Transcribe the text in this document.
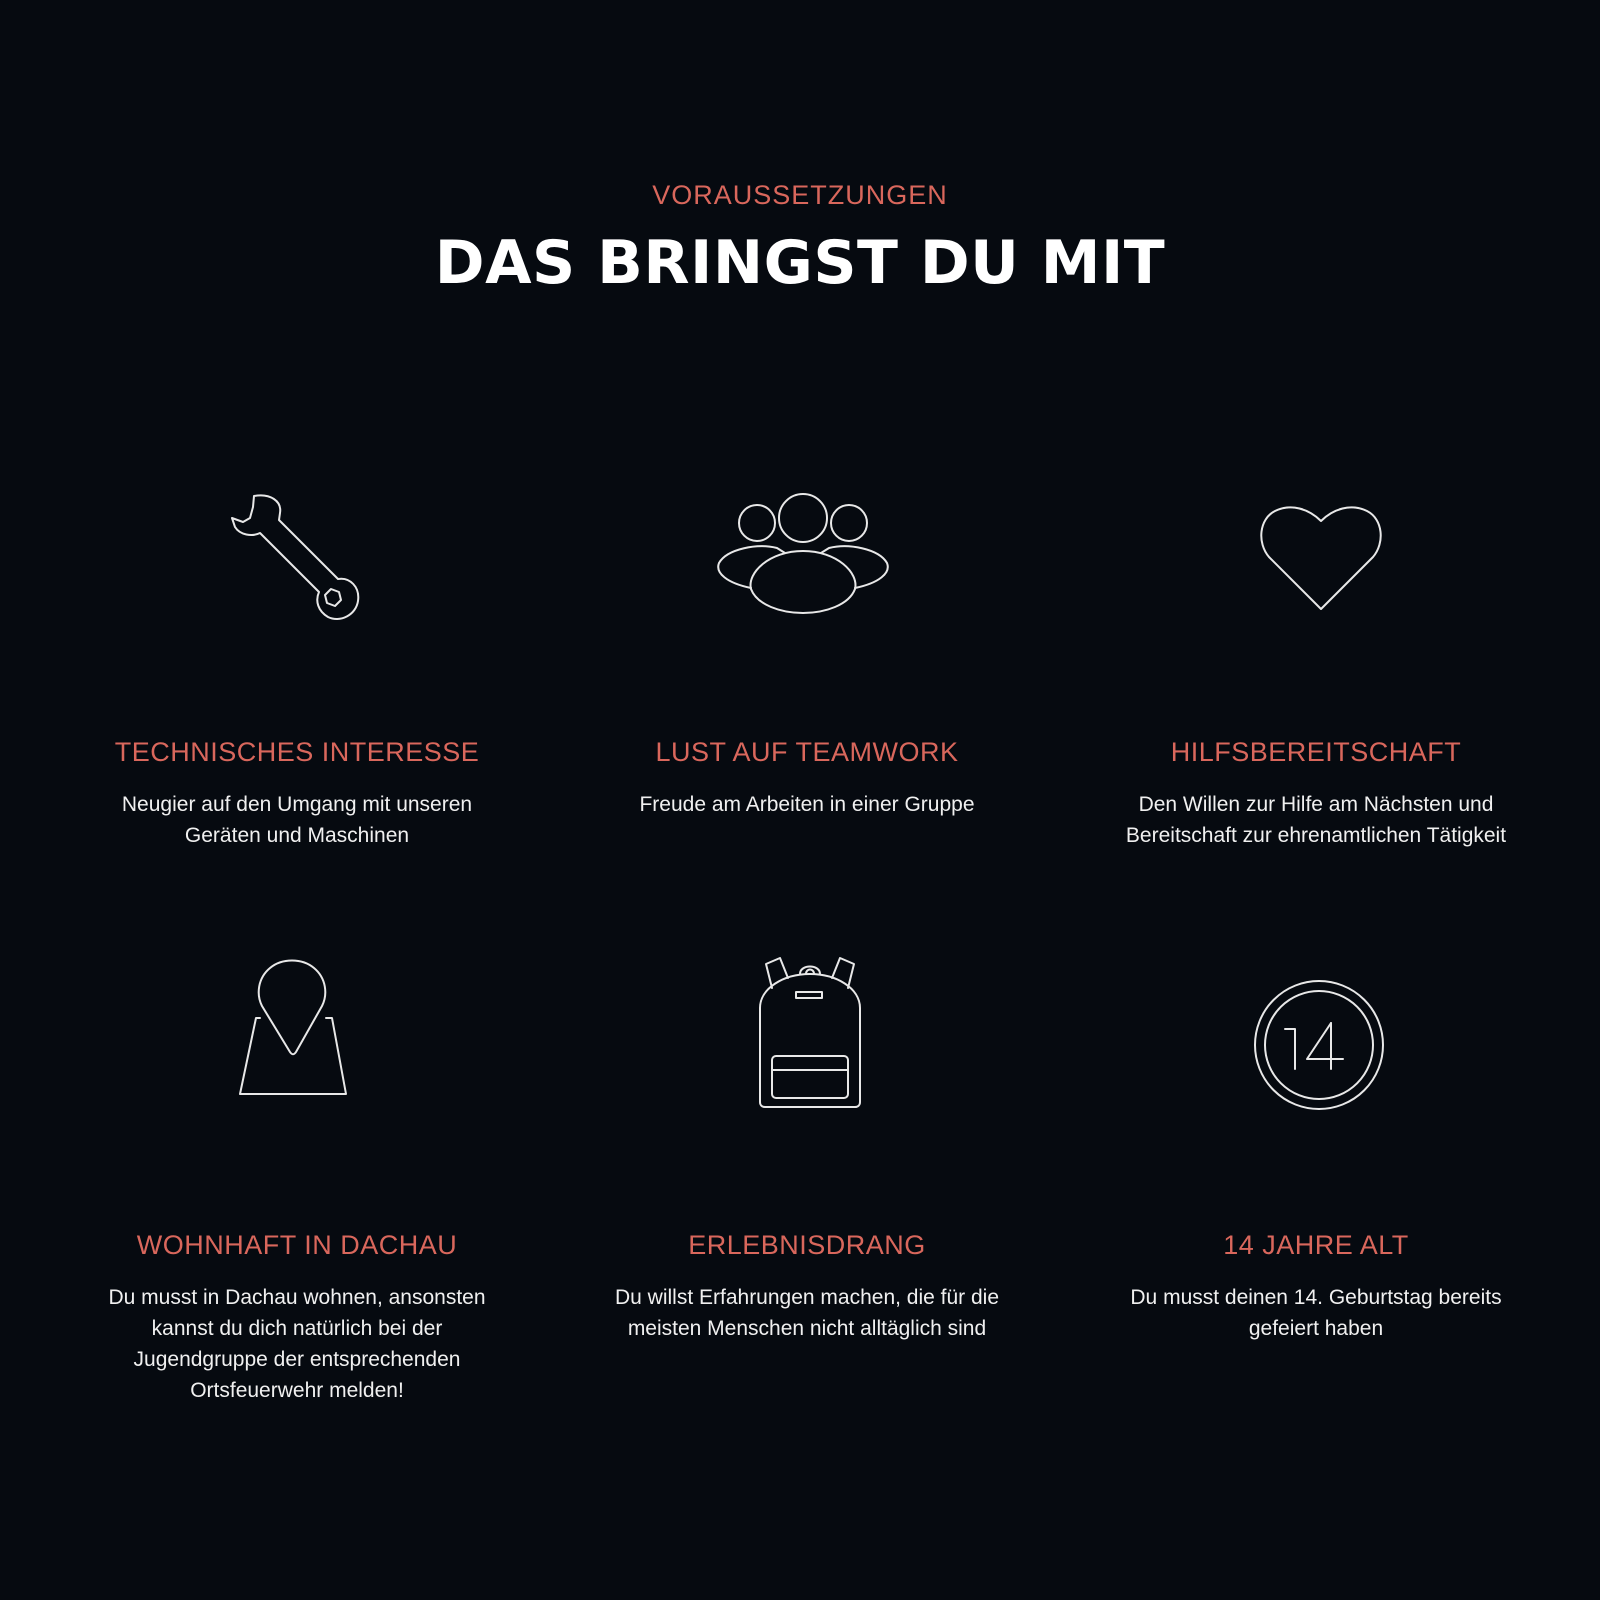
VORAUSSETZUNGEN
DAS BRINGST DU MIT
TECHNISCHES INTERESSE
Neugier auf den Umgang mit unseren
Geräten und Maschinen
LUST AUF TEAMWORK
Freude am Arbeiten in einer Gruppe
HILFSBEREITSCHAFT
Den Willen zur Hilfe am Nächsten und
Bereitschaft zur ehrenamtlichen Tätigkeit
WOHNHAFT IN DACHAU
Du musst in Dachau wohnen, ansonsten
kannst du dich natürlich bei der
Jugendgruppe der entsprechenden
Ortsfeuerwehr melden!
ERLEBNISDRANG
Du willst Erfahrungen machen, die für die
meisten Menschen nicht alltäglich sind
14 JAHRE ALT
Du musst deinen 14. Geburtstag bereits
gefeiert haben
